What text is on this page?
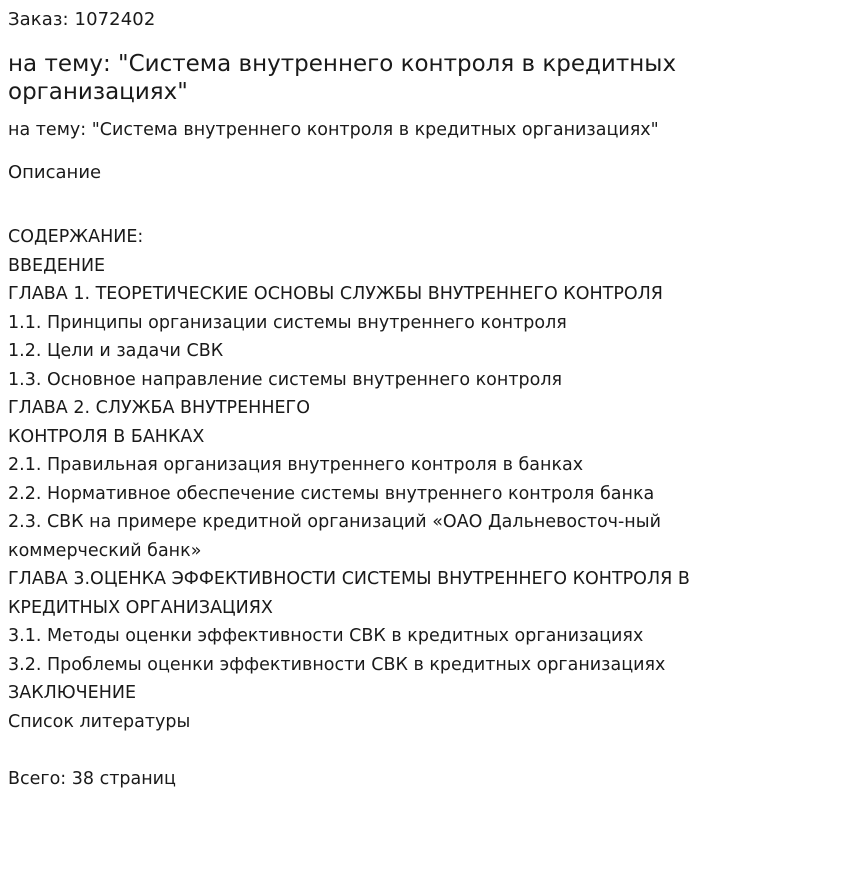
Заказ: 1072402

на тему: "Система внутреннего контроля в кредитных организациях"

на тему: "Система внутреннего контроля в кредитных организациях"

Описание

СОДЕРЖАНИЕ:
ВВЕДЕНИЕ
ГЛАВА 1. ТЕОРЕТИЧЕСКИЕ ОСНОВЫ СЛУЖБЫ ВНУТРЕННЕГО КОНТРОЛЯ
1.1. Принципы организации системы внутреннего контроля
1.2. Цели и задачи СВК
1.3. Основное направление системы внутреннего контроля
ГЛАВА 2. СЛУЖБА ВНУТРЕННЕГО
КОНТРОЛЯ В БАНКАХ
2.1. Правильная организация внутреннего контроля в банках
2.2. Нормативное обеспечение системы внутреннего контроля банка
2.3. СВК на примере кредитной организаций «ОАО Дальневосточ-ный коммерческий банк»
ГЛАВА 3.ОЦЕНКА ЭФФЕКТИВНОСТИ СИСТЕМЫ ВНУТРЕННЕГО КОНТРОЛЯ В КРЕДИТНЫХ ОРГАНИЗАЦИЯХ
3.1. Методы оценки эффективности СВК в кредитных организациях
3.2. Проблемы оценки эффективности СВК в кредитных организациях
ЗАКЛЮЧЕНИЕ
Список литературы

Всего: 38 страниц
